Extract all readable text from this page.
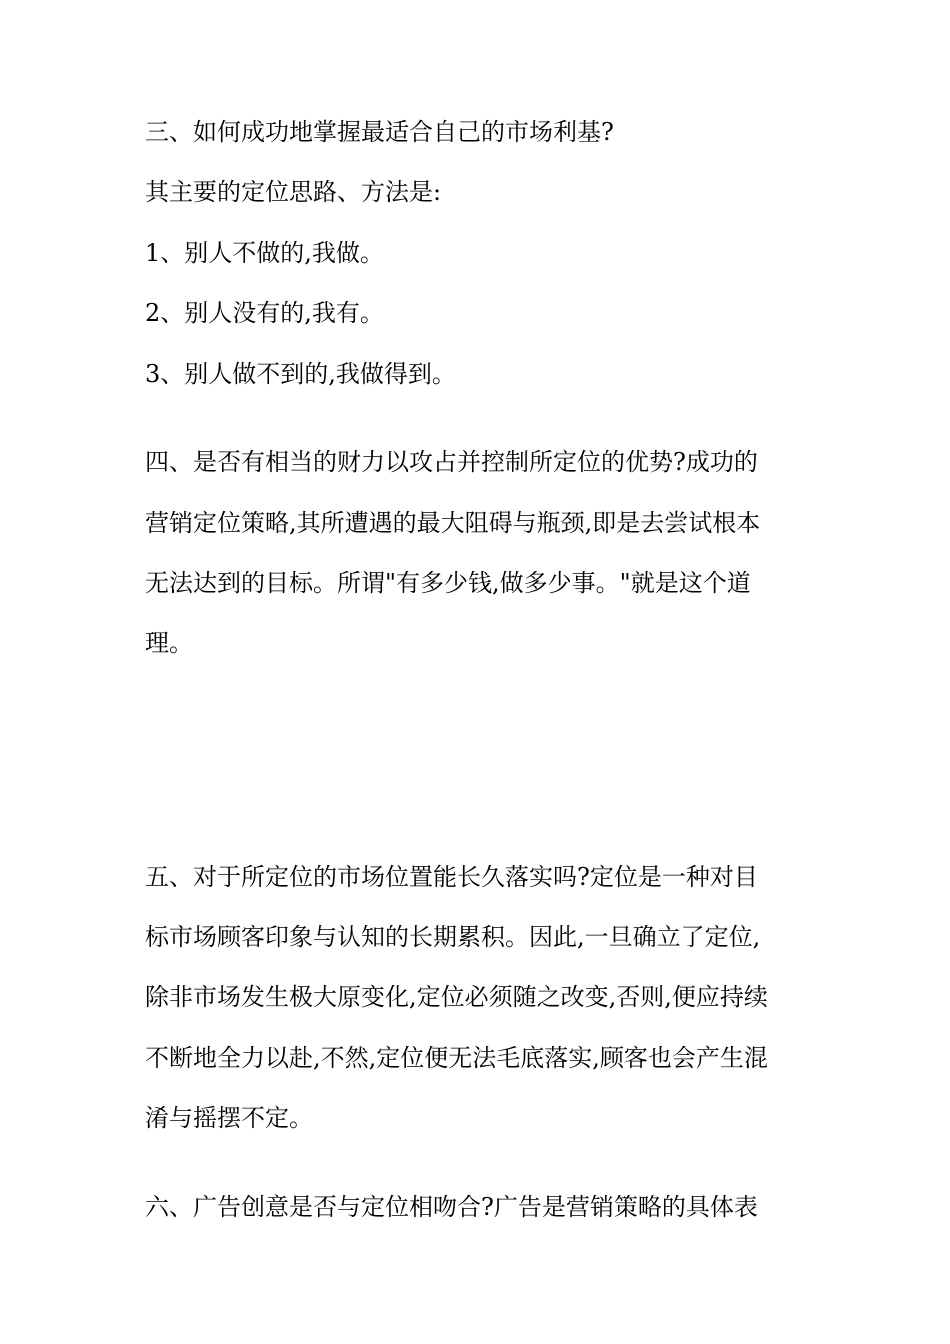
三、如何成功地掌握最适合自己的市场利基?

其主要的定位思路、方法是:

1、别人不做的,我做。

2、别人没有的,我有。

3、别人做不到的,我做得到。

四、是否有相当的财力以攻占并控制所定位的优势?成功的

营销定位策略,其所遭遇的最大阻碍与瓶颈,即是去尝试根本

无法达到的目标。所谓"有多少钱,做多少事。"就是这个道

理。

五、对于所定位的市场位置能长久落实吗?定位是一种对目

标市场顾客印象与认知的长期累积。因此,一旦确立了定位,

除非市场发生极大原变化,定位必须随之改变,否则,便应持续

不断地全力以赴,不然,定位便无法毛底落实,顾客也会产生混

淆与摇摆不定。

六、广告创意是否与定位相吻合?广告是营销策略的具体表
